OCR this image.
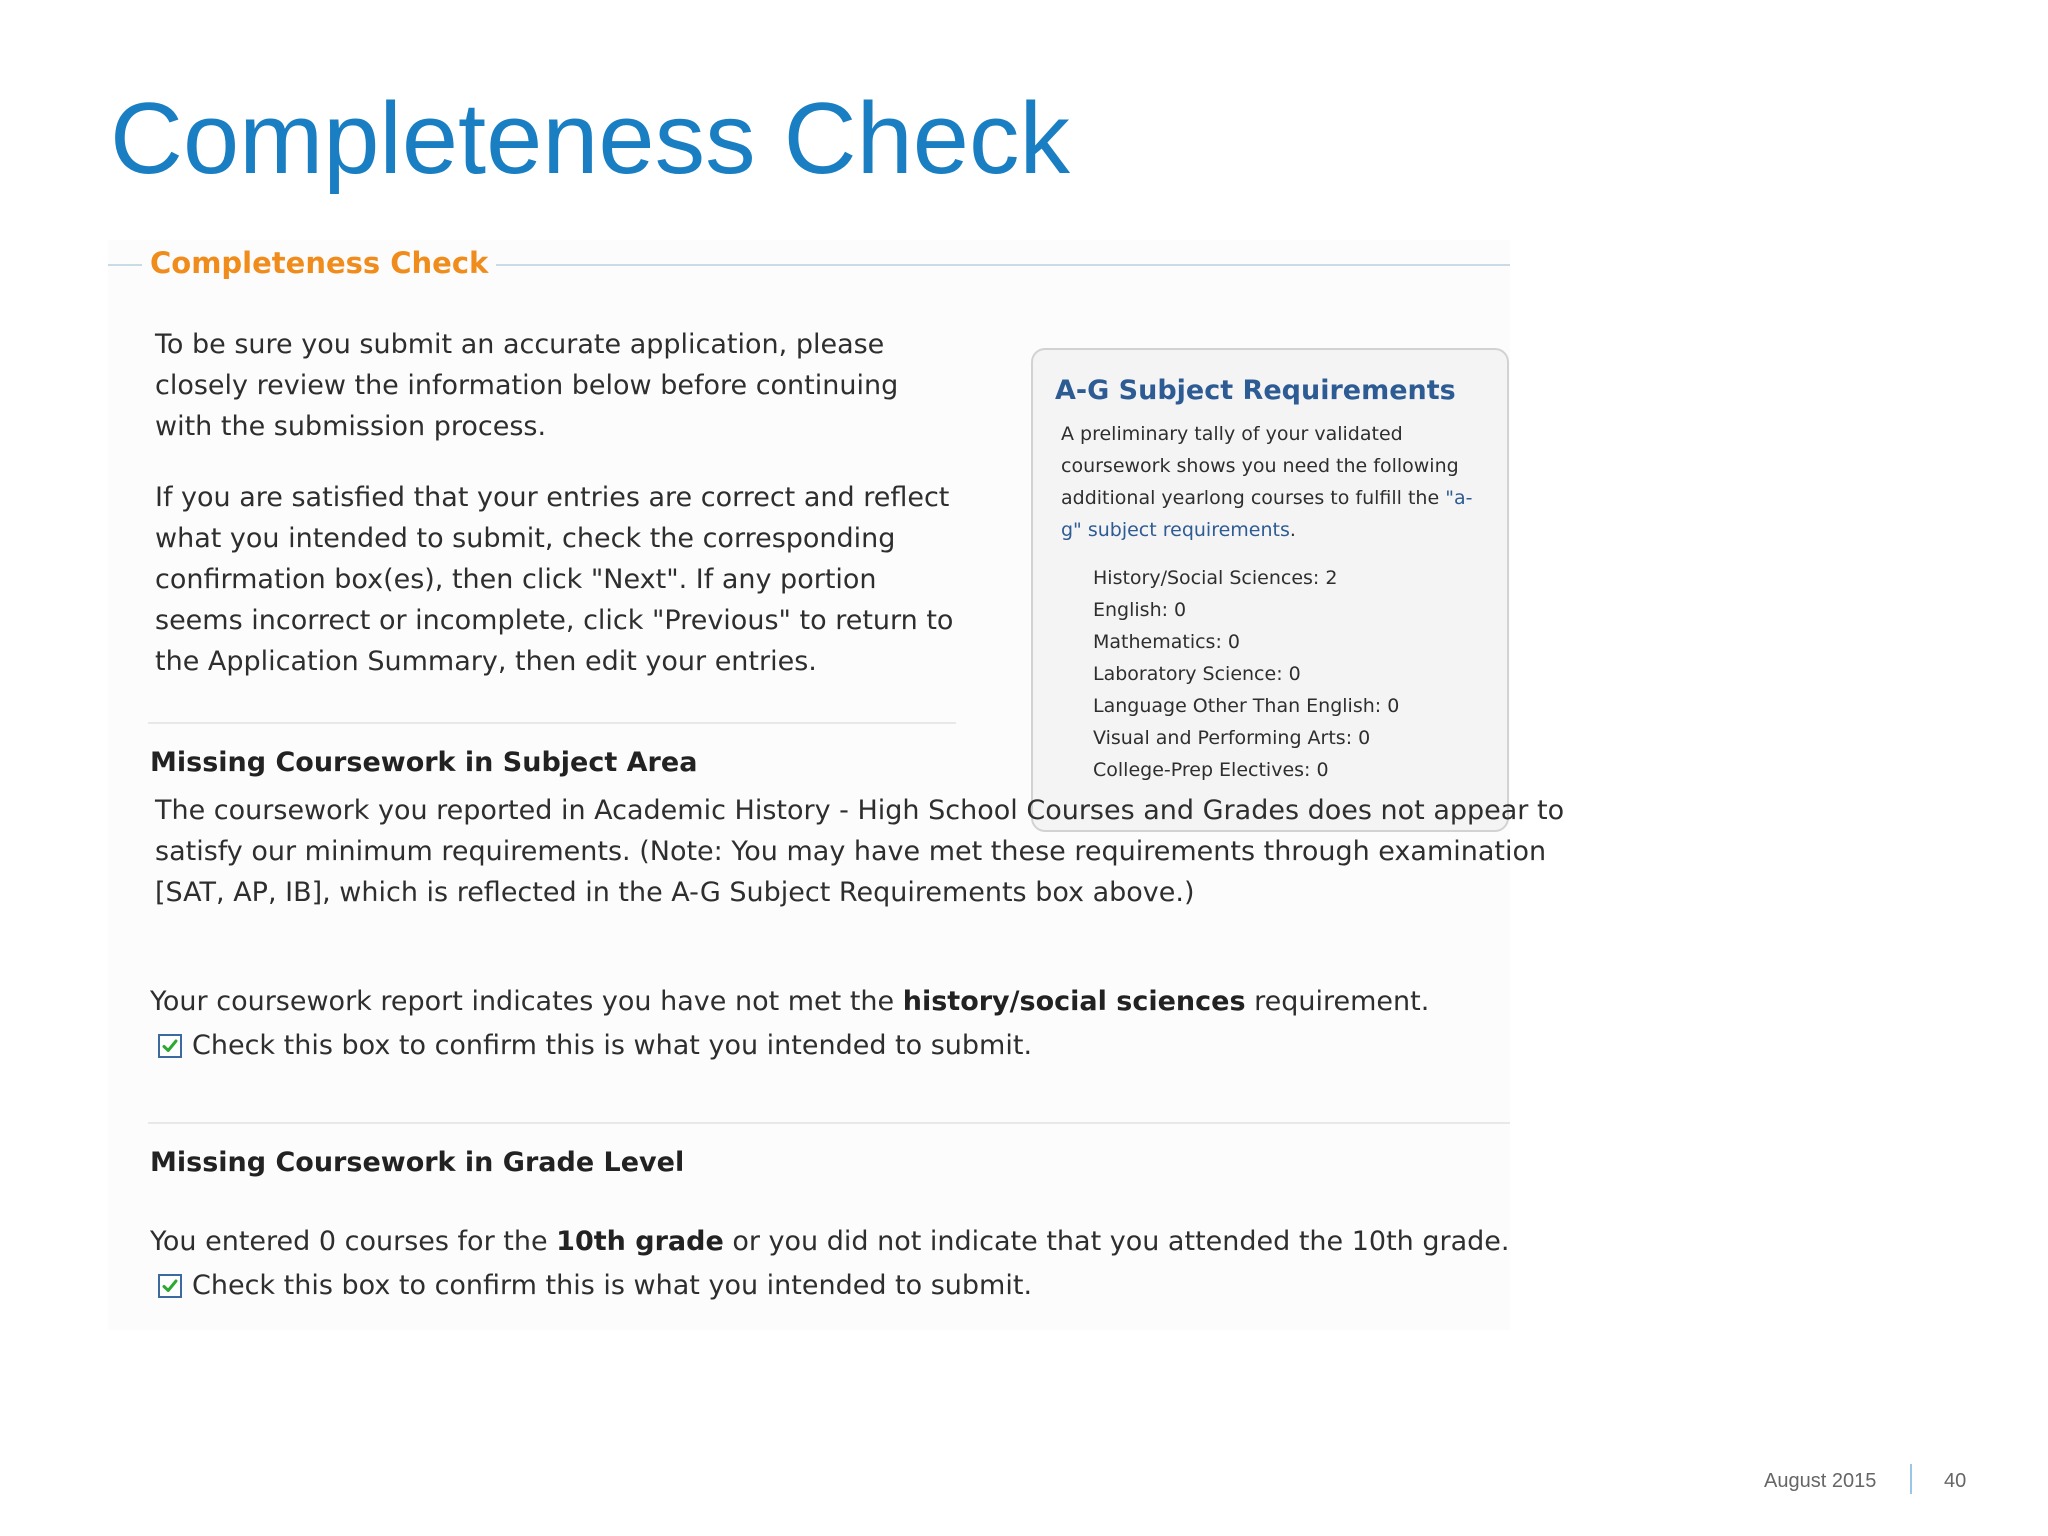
Completeness Check
Completeness Check

To be sure you submit an accurate application, please closely review the information below before continuing with the submission process.

If you are satisfied that your entries are correct and reflect what you intended to submit, check the corresponding confirmation box(es), then click "Next". If any portion seems incorrect or incomplete, click "Previous" to return to the Application Summary, then edit your entries.

A-G Subject Requirements

A preliminary tally of your validated coursework shows you need the following additional yearlong courses to fulfill the "a-g" subject requirements.

History/Social Sciences: 2
English: 0
Mathematics: 0
Laboratory Science: 0
Language Other Than English: 0
Visual and Performing Arts: 0
College-Prep Electives: 0
Missing Coursework in Subject Area

The coursework you reported in Academic History - High School Courses and Grades does not appear to satisfy our minimum requirements. (Note: You may have met these requirements through examination [SAT, AP, IB], which is reflected in the A-G Subject Requirements box above.)

Your coursework report indicates you have not met the history/social sciences requirement.
Check this box to confirm this is what you intended to submit.
Missing Coursework in Grade Level
You entered 0 courses for the 10th grade or you did not indicate that you attended the 10th grade.
Check this box to confirm this is what you intended to submit.
August 2015	40
